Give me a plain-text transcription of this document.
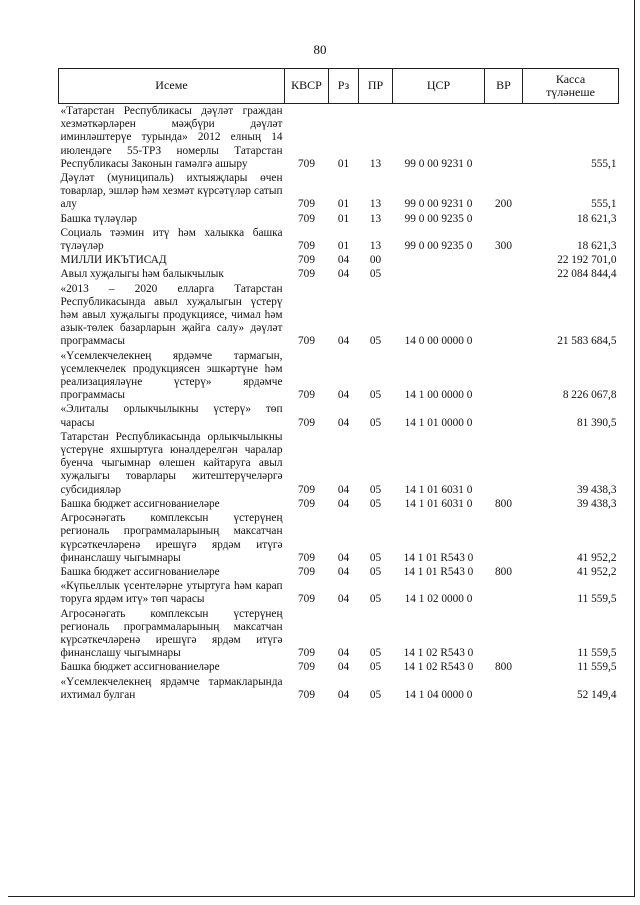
80
Исеме	КВСР	Рз	ПР	ЦСР	ВР	Касса
түләнеше
«Татарстан Республикасы дәүләт граждан хезмәткәрләрен мәҗбүри дәүләт иминләштерүе турында» 2012 елның 14 июлендәге 55-ТРЗ номерлы Татарстан Республикасы Законын гамәлгә ашыру	709	01	13	99 0 00 9231 0		555,1
Дәүләт (муниципаль) ихтыяҗлары өчен товарлар, эшләр һәм хезмәт күрсәтүләр сатып алу	709	01	13	99 0 00 9231 0	200	555,1
Башка түләүләр	709	01	13	99 0 00 9235 0		18 621,3
Социаль тәэмин итү һәм халыкка башка түләүләр	709	01	13	99 0 00 9235 0	300	18 621,3
МИЛЛИ ИКЪТИСАД	709	04	00			22 192 701,0
Авыл хуҗалыгы һәм балыкчылык	709	04	05			22 084 844,4
«2013 – 2020 елларга Татарстан Республикасында авыл хуҗалыгын үстерү һәм авыл хуҗалыгы продукциясе, чимал һәм азык-төлек базарларын җайга салу» дәүләт программасы	709	04	05	14 0 00 0000 0		21 583 684,5
«Үсемлекчелекнең ярдәмче тармагын, үсемлекчелек продукциясен эшкәртүне һәм реализацияләүне үстерү» ярдәмче программасы	709	04	05	14 1 00 0000 0		8 226 067,8
«Элиталы орлыкчылыкны үстерү» төп чарасы	709	04	05	14 1 01 0000 0		81 390,5
Татарстан Республикасында орлыкчылыкны үстерүне яхшыртуга юнәлдерелгән чаралар буенча чыгымнар өлешен кайтаруга авыл хуҗалыгы товарлары житештерүчеләргә субсидияләр	709	04	05	14 1 01 6031 0		39 438,3
Башка бюджет ассигнованиеләре	709	04	05	14 1 01 6031 0	800	39 438,3
Агросәнәгать комплексын үстерүнең региональ программаларының максатчан күрсәткечләренә ирешүгә ярдәм итүгә финанслашу чыгымнары	709	04	05	14 1 01 R543 0		41 952,2
Башка бюджет ассигнованиеләре	709	04	05	14 1 01 R543 0	800	41 952,2
«Күпьеллык үсентеләрне утыртуга һәм карап торуга ярдәм итү» төп чарасы	709	04	05	14 1 02 0000 0		11 559,5
Агросәнәгать комплексын үстерүнең региональ программаларының максатчан күрсәткечләренә ирешүгә ярдәм итүгә финанслашу чыгымнары	709	04	05	14 1 02 R543 0		11 559,5
Башка бюджет ассигнованиеләре	709	04	05	14 1 02 R543 0	800	11 559,5
«Үсемлекчелекнең ярдәмче тармакларында ихтимал булган	709	04	05	14 1 04 0000 0		52 149,4
